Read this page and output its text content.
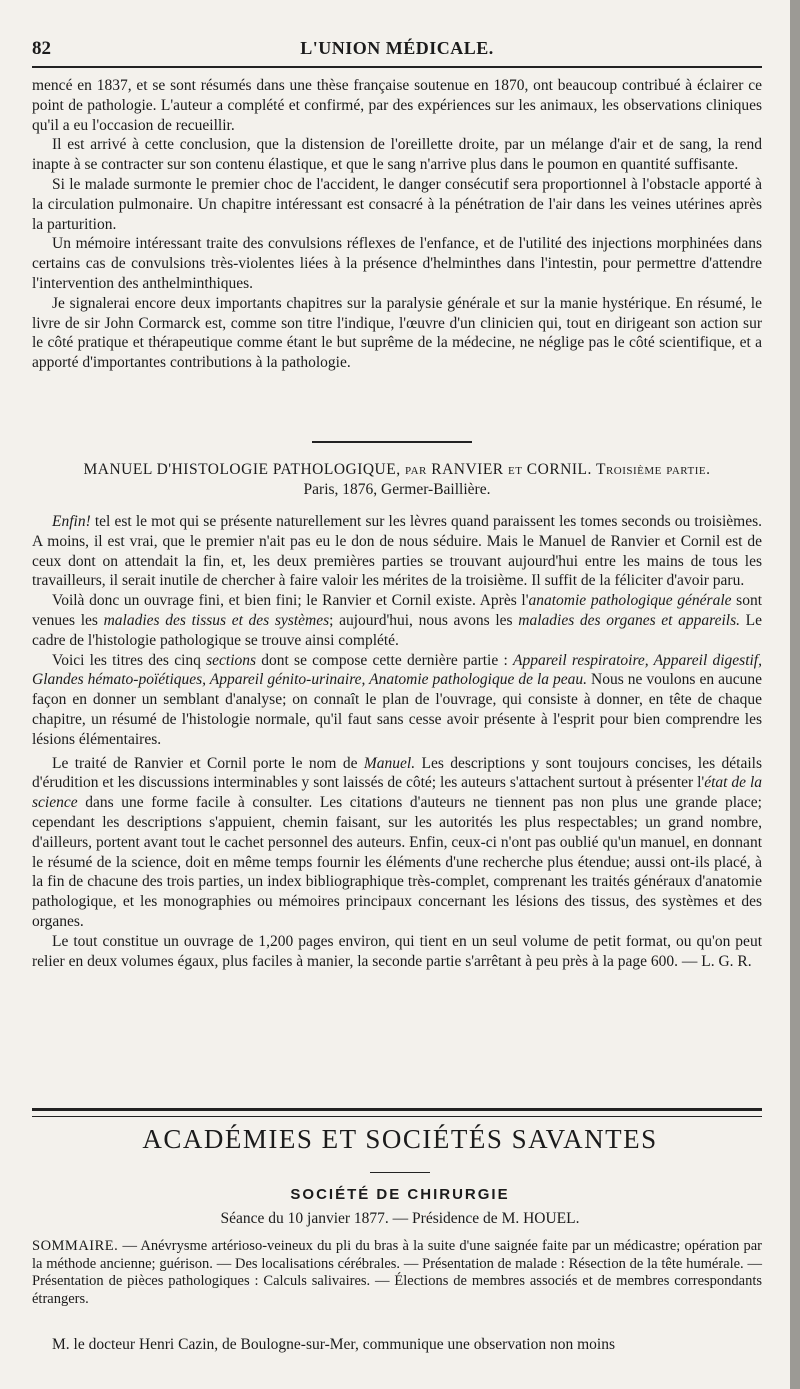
82	L'UNION MÉDICALE.

mencé en 1837, et se sont résumés dans une thèse française soutenue en 1870, ont beaucoup contribué à éclairer ce point de pathologie. L'auteur a complété et confirmé, par des expériences sur les animaux, les observations cliniques qu'il a eu l'occasion de recueillir.

Il est arrivé à cette conclusion, que la distension de l'oreillette droite, par un mélange d'air et de sang, la rend inapte à se contracter sur son contenu élastique, et que le sang n'arrive plus dans le poumon en quantité suffisante.

Si le malade surmonte le premier choc de l'accident, le danger consécutif sera proportionnel à l'obstacle apporté à la circulation pulmonaire. Un chapitre intéressant est consacré à la pénétration de l'air dans les veines utérines après la parturition.

Un mémoire intéressant traite des convulsions réflexes de l'enfance, et de l'utilité des injections morphinées dans certains cas de convulsions très-violentes liées à la présence d'helminthes dans l'intestin, pour permettre d'attendre l'intervention des anthelminthiques.

Je signalerai encore deux importants chapitres sur la paralysie générale et sur la manie hystérique. En résumé, le livre de sir John Cormarck est, comme son titre l'indique, l'œuvre d'un clinicien qui, tout en dirigeant son action sur le côté pratique et thérapeutique comme étant le but suprême de la médecine, ne néglige pas le côté scientifique, et a apporté d'importantes contributions à la pathologie.

MANUEL D'HISTOLOGIE PATHOLOGIQUE, par RANVIER et CORNIL. Troisième partie.
Paris, 1876, Germer-Baillière.

Enfin! tel est le mot qui se présente naturellement sur les lèvres quand paraissent les tomes seconds ou troisièmes. A moins, il est vrai, que le premier n'ait pas eu le don de nous séduire. Mais le Manuel de Ranvier et Cornil est de ceux dont on attendait la fin, et, les deux premières parties se trouvant aujourd'hui entre les mains de tous les travailleurs, il serait inutile de chercher à faire valoir les mérites de la troisième. Il suffit de la féliciter d'avoir paru.

Voilà donc un ouvrage fini, et bien fini; le Ranvier et Cornil existe. Après l'anatomie pathologique générale sont venues les maladies des tissus et des systèmes; aujourd'hui, nous avons les maladies des organes et appareils. Le cadre de l'histologie pathologique se trouve ainsi complété.

Voici les titres des cinq sections dont se compose cette dernière partie : Appareil respiratoire, Appareil digestif, Glandes hémato-poïétiques, Appareil génito-urinaire, Anatomie pathologique de la peau. Nous ne voulons en aucune façon en donner un semblant d'analyse; on connaît le plan de l'ouvrage, qui consiste à donner, en tête de chaque chapitre, un résumé de l'histologie normale, qu'il faut sans cesse avoir présente à l'esprit pour bien comprendre les lésions élémentaires.

Le traité de Ranvier et Cornil porte le nom de Manuel. Les descriptions y sont toujours concises, les détails d'érudition et les discussions interminables y sont laissés de côté; les auteurs s'attachent surtout à présenter l'état de la science dans une forme facile à consulter. Les citations d'auteurs ne tiennent pas non plus une grande place; cependant les descriptions s'appuient, chemin faisant, sur les autorités les plus respectables; un grand nombre, d'ailleurs, portent avant tout le cachet personnel des auteurs. Enfin, ceux-ci n'ont pas oublié qu'un manuel, en donnant le résumé de la science, doit en même temps fournir les éléments d'une recherche plus étendue; aussi ont-ils placé, à la fin de chacune des trois parties, un index bibliographique très-complet, comprenant les traités généraux d'anatomie pathologique, et les monographies ou mémoires principaux concernant les lésions des tissus, des systèmes et des organes.

Le tout constitue un ouvrage de 1,200 pages environ, qui tient en un seul volume de petit format, ou qu'on peut relier en deux volumes égaux, plus faciles à manier, la seconde partie s'arrêtant à peu près à la page 600. — L. G. R.

ACADÉMIES ET SOCIÉTÉS SAVANTES
SOCIÉTÉ DE CHIRURGIE
Séance du 10 janvier 1877. — Présidence de M. HOUEL.

SOMMAIRE. — Anévrysme artérioso-veineux du pli du bras à la suite d'une saignée faite par un médicastre; opération par la méthode ancienne; guérison. — Des localisations cérébrales. — Présentation de malade : Résection de la tête humérale. — Présentation de pièces pathologiques : Calculs salivaires. — Élections de membres associés et de membres correspondants étrangers.

M. le docteur Henri Cazin, de Boulogne-sur-Mer, communique une observation non moins
